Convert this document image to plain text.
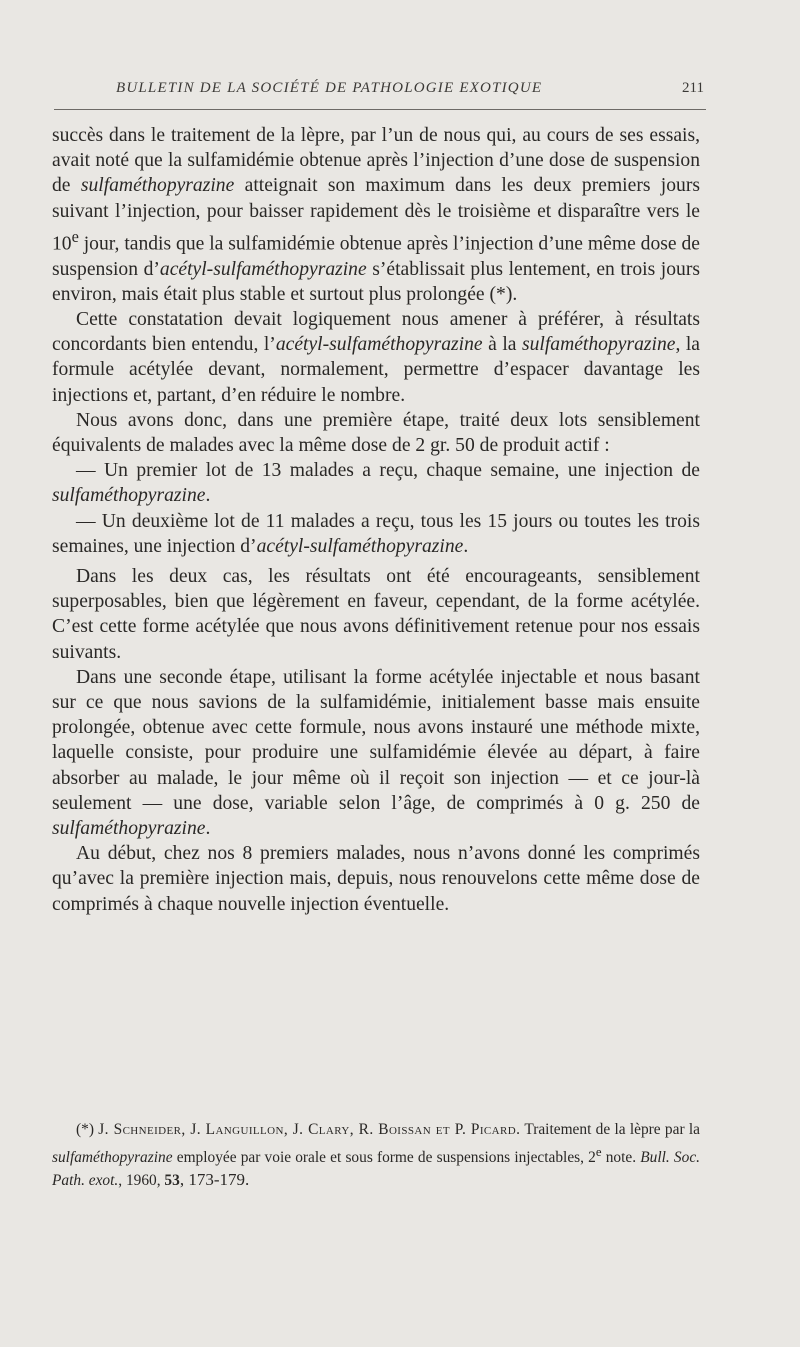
BULLETIN DE LA SOCIÉTÉ DE PATHOLOGIE EXOTIQUE	211

succès dans le traitement de la lèpre, par l’un de nous qui, au cours de ses essais, avait noté que la sulfamidémie obtenue après l’injection d’une dose de suspension de sulfaméthopyrazine atteignait son maximum dans les deux premiers jours suivant l’injection, pour baisser rapidement dès le troisième et disparaître vers le 10e jour, tandis que la sulfamidémie obtenue après l’injection d’une même dose de suspension d’acétyl-sulfaméthopyrazine s’établissait plus lentement, en trois jours environ, mais était plus stable et surtout plus prolongée (*).

Cette constatation devait logiquement nous amener à préférer, à résultats concordants bien entendu, l’acétyl-sulfaméthopyrazine à la sulfaméthopyrazine, la formule acétylée devant, normalement, permettre d’espacer davantage les injections et, partant, d’en réduire le nombre.

Nous avons donc, dans une première étape, traité deux lots sensiblement équivalents de malades avec la même dose de 2 gr. 50 de produit actif :

— Un premier lot de 13 malades a reçu, chaque semaine, une injection de sulfaméthopyrazine.

— Un deuxième lot de 11 malades a reçu, tous les 15 jours ou toutes les trois semaines, une injection d’acétyl-sulfaméthopyrazine.

Dans les deux cas, les résultats ont été encourageants, sensiblement superposables, bien que légèrement en faveur, cependant, de la forme acétylée. C’est cette forme acétylée que nous avons définitivement retenue pour nos essais suivants.

Dans une seconde étape, utilisant la forme acétylée injectable et nous basant sur ce que nous savions de la sulfamidémie, initialement basse mais ensuite prolongée, obtenue avec cette formule, nous avons instauré une méthode mixte, laquelle consiste, pour produire une sulfamidémie élevée au départ, à faire absorber au malade, le jour même où il reçoit son injection — et ce jour-là seulement — une dose, variable selon l’âge, de comprimés à 0 g. 250 de sulfaméthopyrazine.

Au début, chez nos 8 premiers malades, nous n’avons donné les comprimés qu’avec la première injection mais, depuis, nous renouvelons cette même dose de comprimés à chaque nouvelle injection éventuelle.

(*) J. Schneider, J. Languillon, J. Clary, R. Boissan et P. Picard. Traitement de la lèpre par la sulfaméthopyrazine employée par voie orale et sous forme de suspensions injectables, 2e note. Bull. Soc. Path. exot., 1960, 53, 173-179.
